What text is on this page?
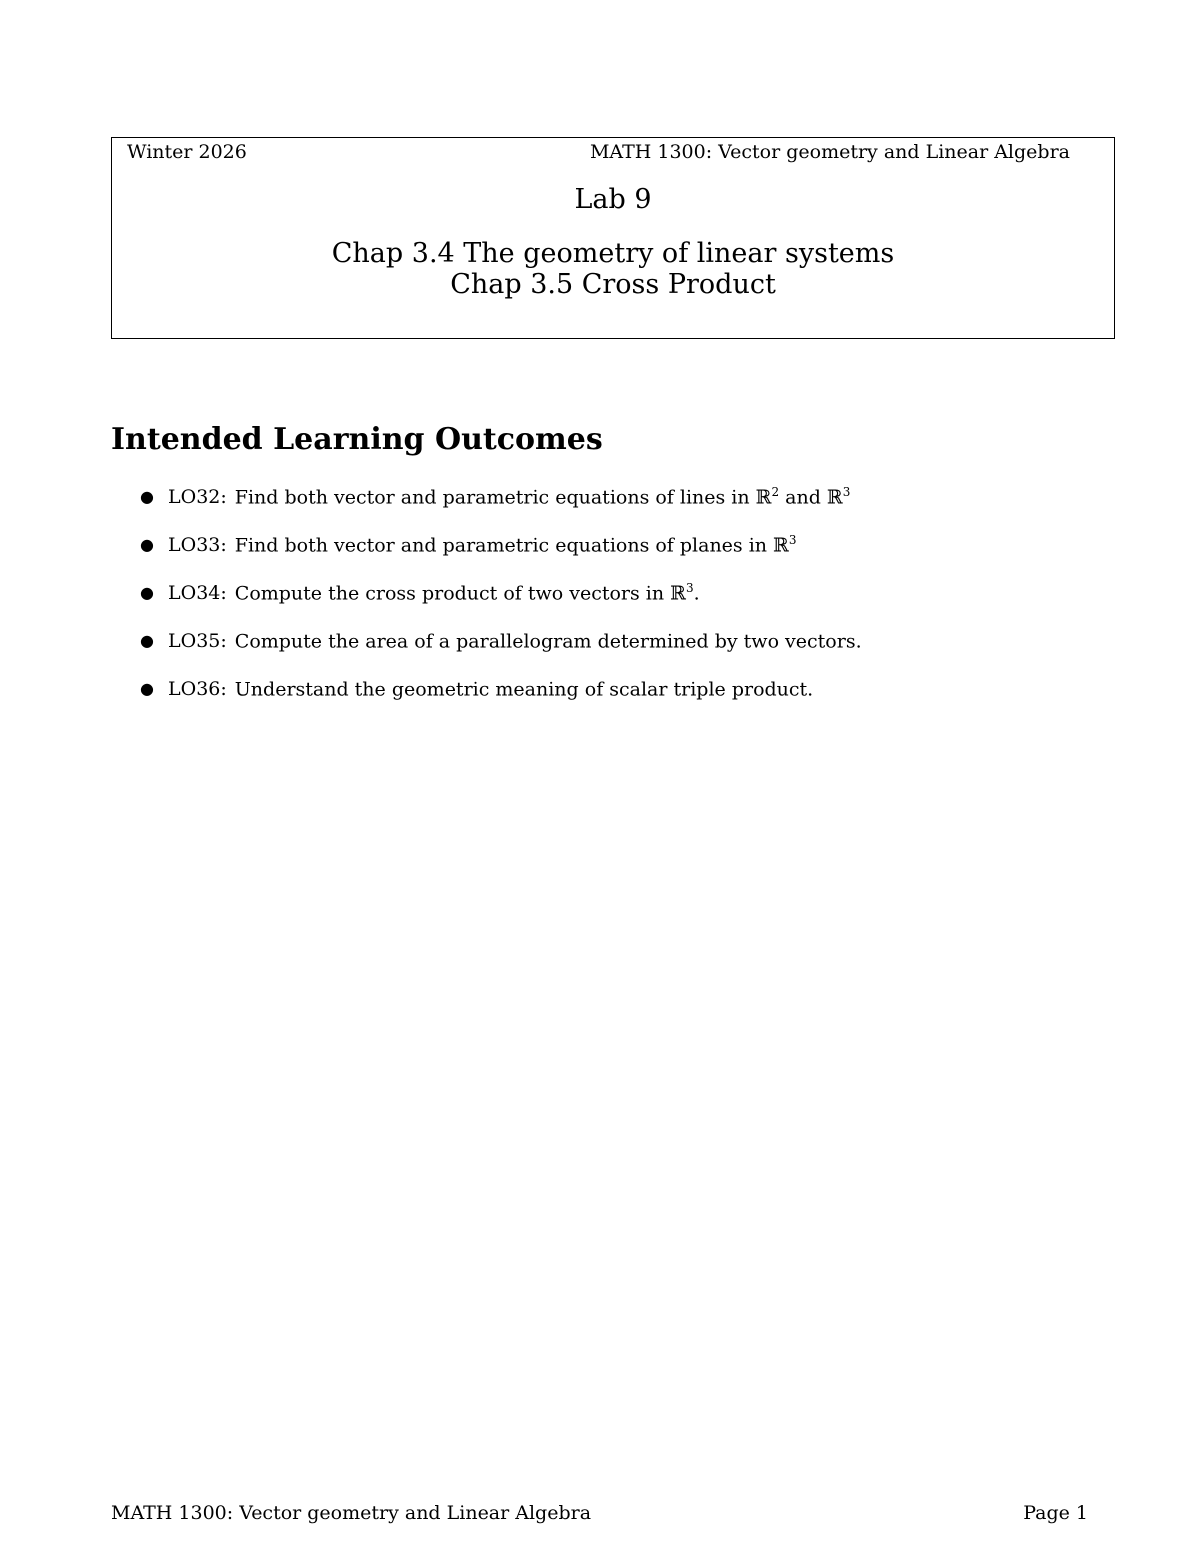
Winter 2026	MATH 1300: Vector geometry and Linear Algebra
Lab 9
Chap 3.4 The geometry of linear systems
Chap 3.5 Cross Product
Intended Learning Outcomes
● LO32: Find both vector and parametric equations of lines in ℝ$^2$ and ℝ$^3$
● LO33: Find both vector and parametric equations of planes in ℝ$^3$
● LO34: Compute the cross product of two vectors in ℝ$^3$.
● LO35: Compute the area of a parallelogram determined by two vectors.
● LO36: Understand the geometric meaning of scalar triple product.
MATH 1300: Vector geometry and Linear Algebra	Page 1
